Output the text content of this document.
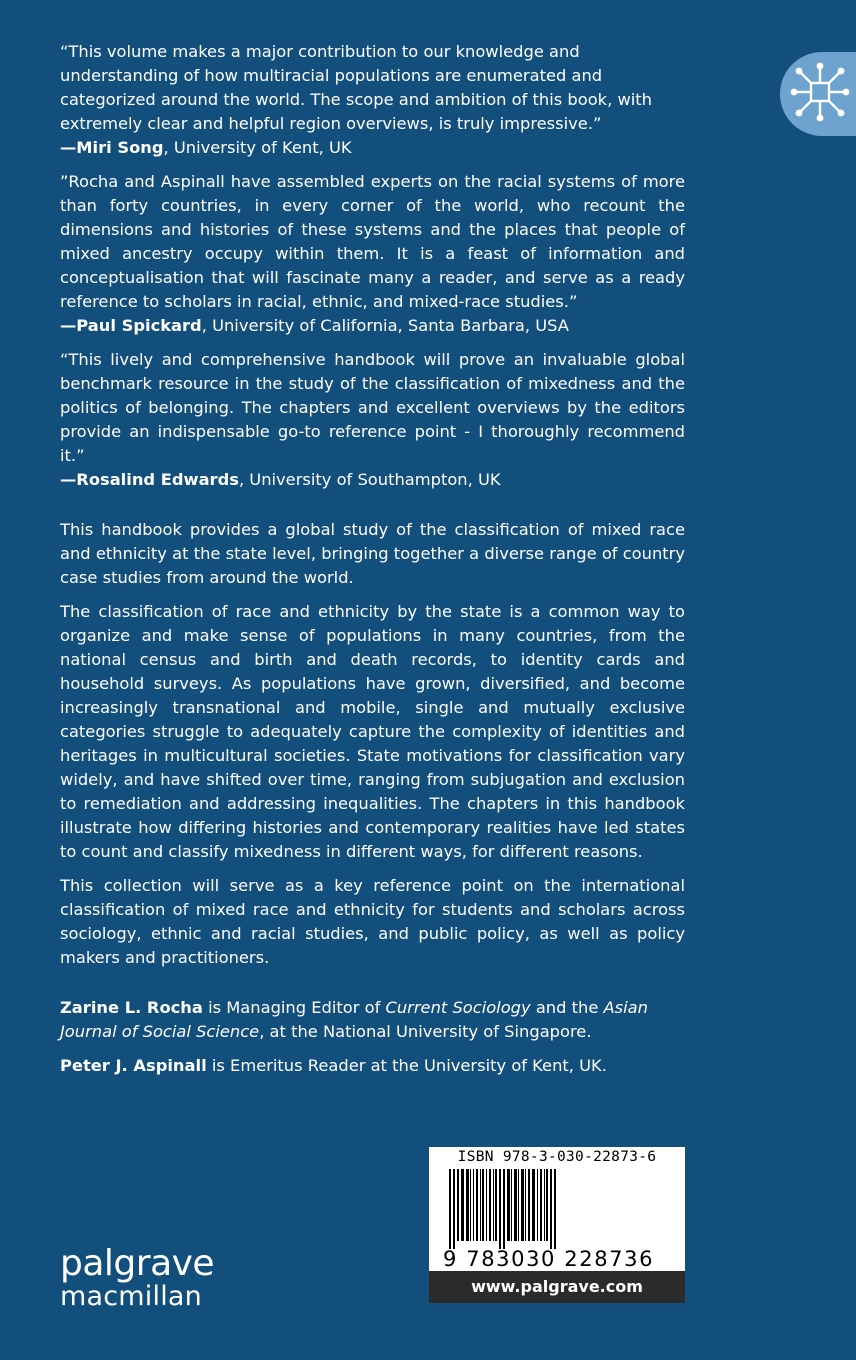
“This volume makes a major contribution to our knowledge and understanding of how multiracial populations are enumerated and categorized around the world. The scope and ambition of this book, with extremely clear and helpful region overviews, is truly impressive.”

—Miri Song, University of Kent, UK

”Rocha and Aspinall have assembled experts on the racial systems of more than forty countries, in every corner of the world, who recount the dimensions and histories of these systems and the places that people of mixed ancestry occupy within them. It is a feast of information and conceptualisation that will fascinate many a reader, and serve as a ready reference to scholars in racial, ethnic, and mixed-race studies.”

—Paul Spickard, University of California, Santa Barbara, USA

“This lively and comprehensive handbook will prove an invaluable global benchmark resource in the study of the classification of mixedness and the politics of belonging. The chapters and excellent overviews by the editors provide an indispensable go-to reference point - I thoroughly recommend it.”

—Rosalind Edwards, University of Southampton, UK

This handbook provides a global study of the classification of mixed race and ethnicity at the state level, bringing together a diverse range of country case studies from around the world.

The classification of race and ethnicity by the state is a common way to organize and make sense of populations in many countries, from the national census and birth and death records, to identity cards and household surveys. As populations have grown, diversified, and become increasingly transnational and mobile, single and mutually exclusive categories struggle to adequately capture the complexity of identities and heritages in multicultural societies. State motivations for classification vary widely, and have shifted over time, ranging from subjugation and exclusion to remediation and addressing inequalities. The chapters in this handbook illustrate how differing histories and contemporary realities have led states to count and classify mixedness in different ways, for different reasons.

This collection will serve as a key reference point on the international classification of mixed race and ethnicity for students and scholars across sociology, ethnic and racial studies, and public policy, as well as policy makers and practitioners.

Zarine L. Rocha is Managing Editor of Current Sociology and the Asian Journal of Social Science, at the National University of Singapore.

Peter J. Aspinall is Emeritus Reader at the University of Kent, UK.

ISBN 978-3-030-22873-6
9 783030 228736
www.palgrave.com
palgrave
macmillan
